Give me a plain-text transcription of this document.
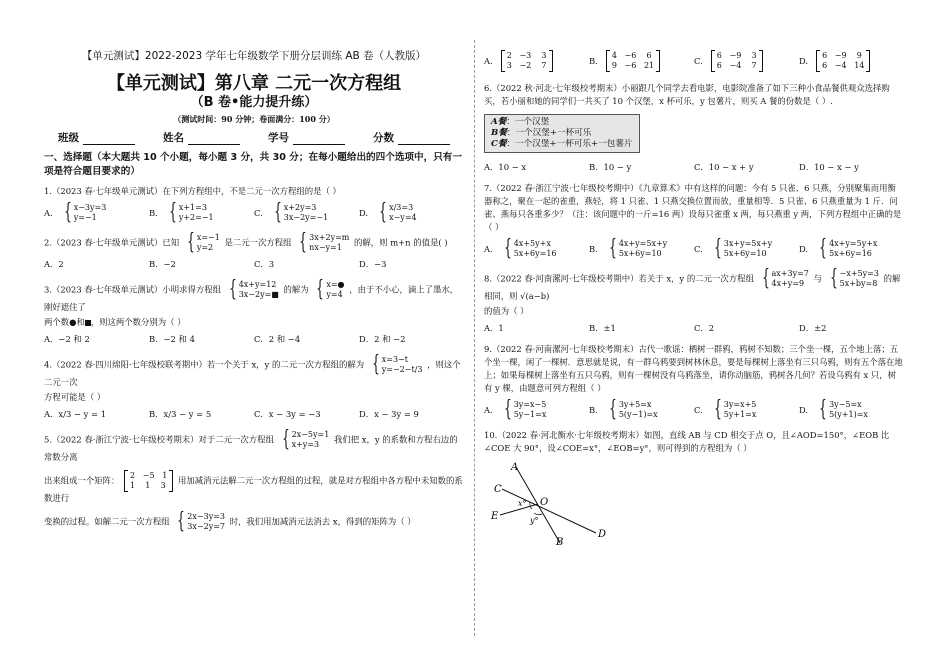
【单元测试】2022-2023 学年七年级数学下册分层训练 AB 卷（人教版）
【单元测试】第八章 二元一次方程组
（B 卷•能力提升练）
（测试时间：90 分钟；卷面满分：100 分）
班级	姓名	学号	分数
一、选择题（本大题共 10 个小题，每小题 3 分，共 30 分；在每小题给出的四个选项中，只有一项是符合题目要求的）
1.（2023 春·七年级单元测试）在下列方程组中，不是二元一次方程组的是（ ）
A. { x−3y=3
y=−1	B. { x+1=3
y+2=−1	C. { x+2y=3
3x−2y=−1	D. { x/3=3
x−y=4
2.（2023 春·七年级单元测试）已知 { x=−1
y=2	是二元一次方程组 { 3x+2y=m
nx−y=1	的解，则 m+n 的值是( )
A．2	B．−2	C．3	D．−3
3.（2023 春·七年级单元测试）小明求得方程组 { 4x+y=12
3x−2y=■ 的解为 { x=●
y=4 ，由于不小心，滴上了墨水，刚好遮住了
两个数●和 ，则这两个数分别为（ ）
A．−2 和 2	B．−2 和 4	C．2 和 −4	D．2 和 −2
4.（2022 春·四川绵阳·七年级校联考期中）若一个关于 x，y 的二元一次方程组的解为 { x=3−t
y=−2−t/3 ，则这个二元一次
方程可能是（ ）
A．x/3 − y = 1	B．x/3 − y = 5	C．x − 3y = −3	D．x − 3y = 9
5.（2022 春·浙江宁波·七年级校考期末）对于二元一次方程组 { 2x−5y=1
x+y=3	我们把 x，y 的系数和方程右边的常数分离
出来组成一个矩阵： 2   −5   1
1    1    3 用加减消元法解二元一次方程组的过程，就是对方程组中各方程中未知数的系数进行
变换的过程。如解二元一次方程组 { 2x−3y=3
3x−2y=7 时，我们用加减消元法消去 x，得到的矩阵为（ ）
A. 2   −3    3
3   −2    7	B. 4   −6    6
9   −6   21	C. 6   −9    3
6   −4    7	D. 6   −9    9
6   −4   14
6.（2022 秋·河北·七年级校考期末）小丽跟几个同学去看电影，电影院准备了如下三种小食品餐供观众选择购买，若小丽和她的同学们一共买了 10 个汉堡，x 杯可乐，y 包薯片，则买 A 餐的份数是（ ）.
A餐：一个汉堡
B餐：一个汉堡+一杯可乐
C餐：一个汉堡+一杯可乐+一包薯片
A．10 − x	B．10 − y	C．10 − x + y	D．10 − x − y
7.（2022 春·浙江宁波·七年级校考期中）《九章算术》中有这样的问题：今有 5 只雀、6 只燕，分别聚集而用衡器称之，聚在一起的雀重，燕轻，将 1 只雀、1 只燕交换位置而放，重量相等．5 只雀、6 只燕重量为 1 斤．问雀、燕每只各重多少？（注：该问题中的一斤=16 两）设每只雀重 x 两，每只燕重 y 两，下列方程组中正确的是（ ）
A. { 4x+5y+x
5x+6y=16	B. { 4x+y=5x+y
5x+6y=10	C. { 3x+y=5x+y
5x+6y=10	D. { 4x+y=5y+x
5x+6y=16
8.（2022 春·河南漯河·七年级校考期中）若关于 x，y 的二元一次方程组 { ax+3y=7
4x+y=9	与 { −x+5y=3
5x+by=8 的解相同，则 √(a−b)
的值为（ ）
A．1	B．±1	C．2	D．±2
9.（2022 春·河南漯河·七年级校考期末）古代一歌谣：栖树一群鸦，鸦树不知数；三个坐一棵，五个地上落；五个坐一棵，闲了一棵树．意思就是说，有一群乌鸦要到树林休息，要是每棵树上落坐有三只乌鸦，则有五个落在地上；如果每棵树上落坐有五只乌鸦，则有一棵树没有乌鸦落坐，请你动脑筋，鸦树各几何？若设乌鸦有 x 只，树有 y 棵，由题意可列方程组（ ）
A. { 3y=x−5
5y−1=x	B. { 3y+5=x
5(y−1)=x	C. { 3y=x+5
5y+1=x	D. { 3y−5=x
5(y+1)=x
10.（2022 春·河北衡水·七年级校考期末）如图，直线 AB 与 CD 相交于点 O，且∠AOD=150°，∠EOB 比∠COE 大 90°，设∠COE=x°，∠EOB=y°，则可得到的方程组为（ ）
A
C
E
O
D
B
x°
y°
